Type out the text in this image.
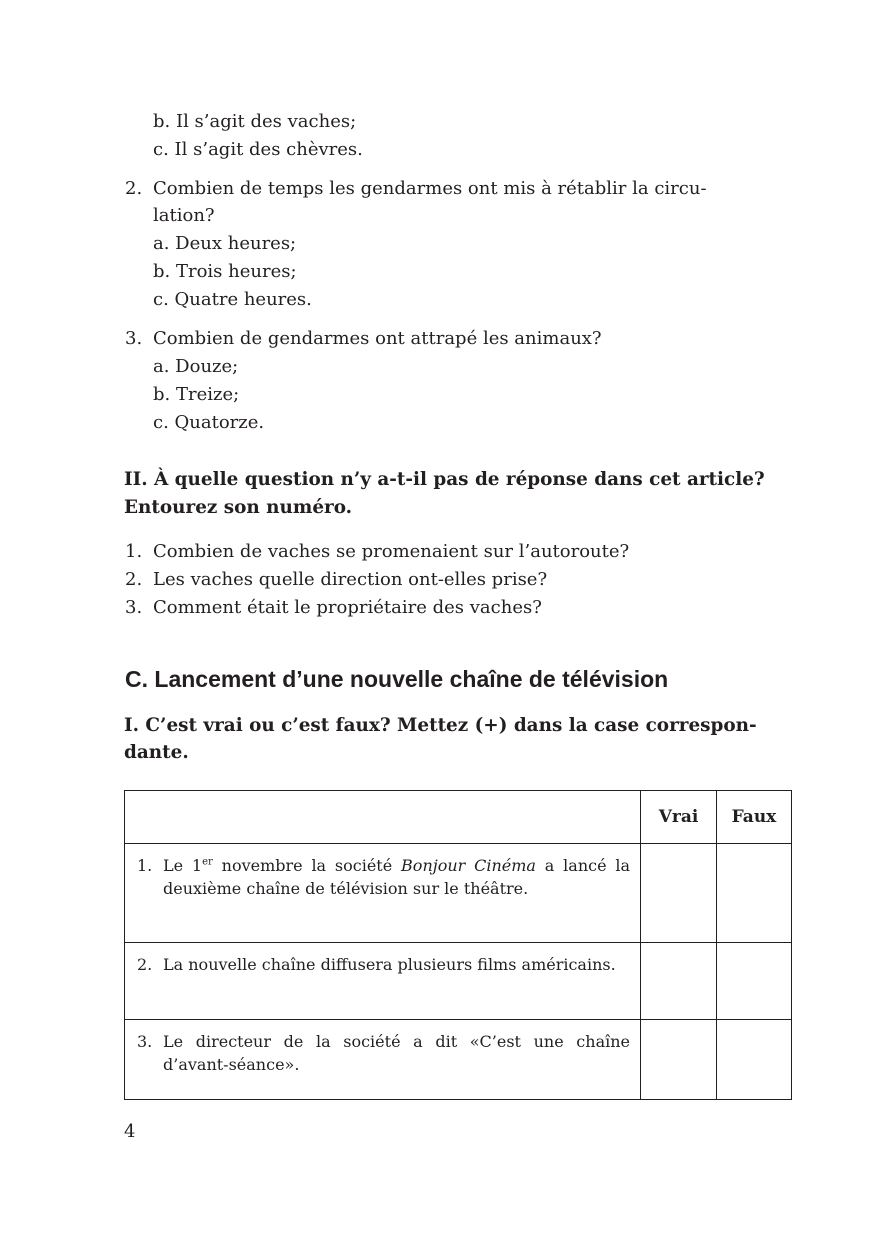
b. Il s’agit des vaches;
c. Il s’agit des chèvres.
2. Combien de temps les gendarmes ont mis à rétablir la circu-
lation?
a. Deux heures;
b. Trois heures;
c. Quatre heures.
3. Combien de gendarmes ont attrapé les animaux?
a. Douze;
b. Treize;
c. Quatorze.
II. À quelle question n’y a-t-il pas de réponse dans cet article?
Entourez son numéro.
1. Combien de vaches se promenaient sur l’autoroute?
2. Les vaches quelle direction ont-elles prise?
3. Comment était le propriétaire des vaches?
C. Lancement d’une nouvelle chaîne de télévision
I. C’est vrai ou c’est faux? Mettez (+) dans la case correspon-
dante.
	Vrai	Faux

1. Le 1er novembre la société Bonjour Cinéma a lancé la deuxième chaîne de télévision sur le théâtre.		

2. La nouvelle chaîne diffusera plusieurs films américains.		

3. Le directeur de la société a dit «C’est une chaîne d’avant-séance».		

4
